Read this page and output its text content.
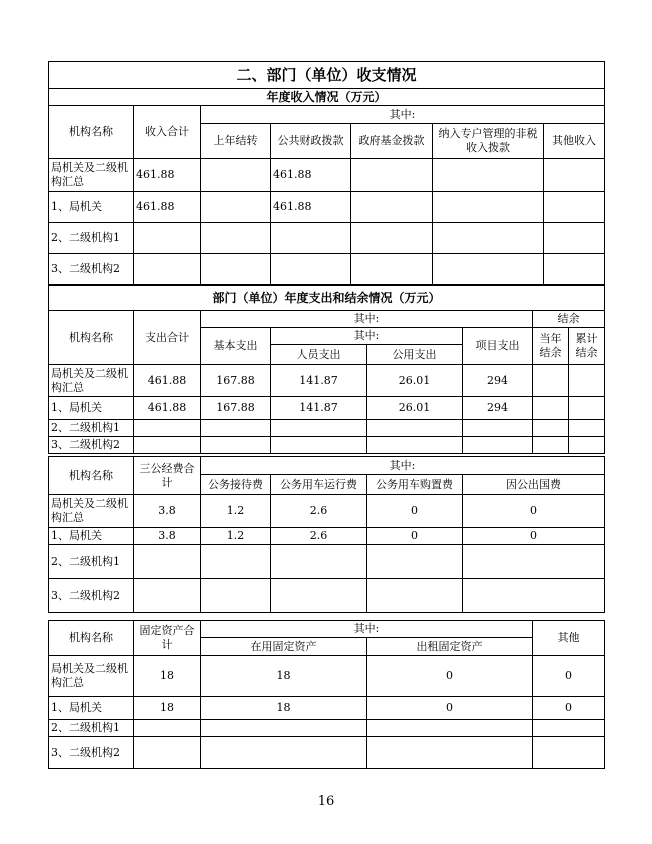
二、部门（单位）收支情况						
年度收入情况（万元）						
机构名称	收入合计	其中:				
		上年结转	公共财政拨款	政府基金拨款	纳入专户管理的非税收入拨款	其他收入
局机关及二级机构汇总	461.88		461.88			
1、局机关	461.88		461.88			
2、二级机构1						
3、二级机构2						
部门（单位）年度支出和结余情况（万元）							
机构名称	支出合计	其中:				结余	
		基本支出	其中:		项目支出	当年结余	累计结余
			人员支出	公用支出			
局机关及二级机构汇总	461.88	167.88	141.87	26.01	294		
1、局机关	461.88	167.88	141.87	26.01	294		
2、二级机构1							
3、二级机构2							
机构名称	三公经费合计	其中:			
		公务接待费	公务用车运行费	公务用车购置费	因公出国费
局机关及二级机构汇总	3.8	1.2	2.6	0	0
1、局机关	3.8	1.2	2.6	0	0
2、二级机构1					
3、二级机构2					
机构名称	固定资产合计	其中:		其他
		在用固定资产	出租固定资产	
局机关及二级机构汇总	18	18	0	0
1、局机关	18	18	0	0
2、二级机构1				
3、二级机构2				
16
